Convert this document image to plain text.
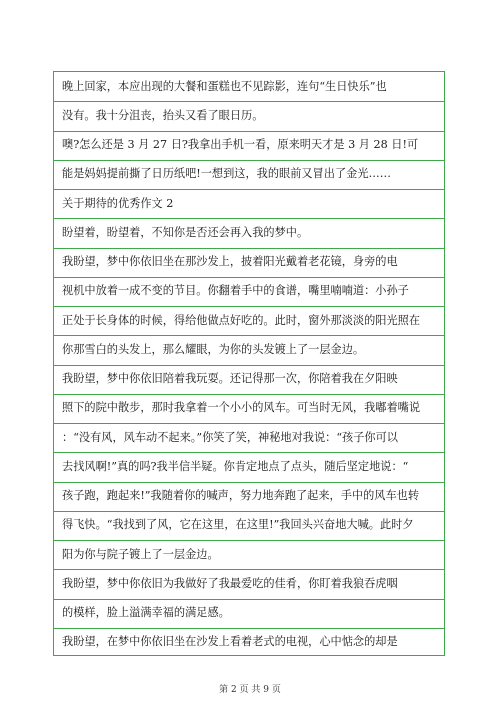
晚上回家，本应出现的大餐和蛋糕也不见踪影，连句“生日快乐”也
没有。我十分沮丧，抬头又看了眼日历。
噢?怎么还是 3 月 27 日?我拿出手机一看，原来明天才是 3 月 28 日!可
能是妈妈提前撕了日历纸吧!一想到这，我的眼前又冒出了金光……
关于期待的优秀作文 2
盼望着，盼望着，不知你是否还会再入我的梦中。
我盼望，梦中你依旧坐在那沙发上，披着阳光戴着老花镜，身旁的电
视机中放着一成不变的节目。你翻着手中的食谱，嘴里喃喃道：小孙子
正处于长身体的时候，得给他做点好吃的。此时，窗外那淡淡的阳光照在
你那雪白的头发上，那么耀眼，为你的头发镀上了一层金边。
我盼望，梦中你依旧陪着我玩耍。还记得那一次，你陪着我在夕阳映
照下的院中散步，那时我拿着一个小小的风车。可当时无风，我嘟着嘴说
：“没有风，风车动不起来。”你笑了笑，神秘地对我说：“孩子你可以
去找风啊!”真的吗?我半信半疑。你肯定地点了点头，随后坚定地说：“
孩子跑，跑起来!”我随着你的喊声，努力地奔跑了起来，手中的风车也转
得飞快。“我找到了风，它在这里，在这里!”我回头兴奋地大喊。此时夕
阳为你与院子镀上了一层金边。
我盼望，梦中你依旧为我做好了我最爱吃的佳肴，你盯着我狼吞虎咽
的模样，脸上溢满幸福的满足感。
我盼望，在梦中你依旧坐在沙发上看着老式的电视，心中惦念的却是
第 2 页 共 9 页
